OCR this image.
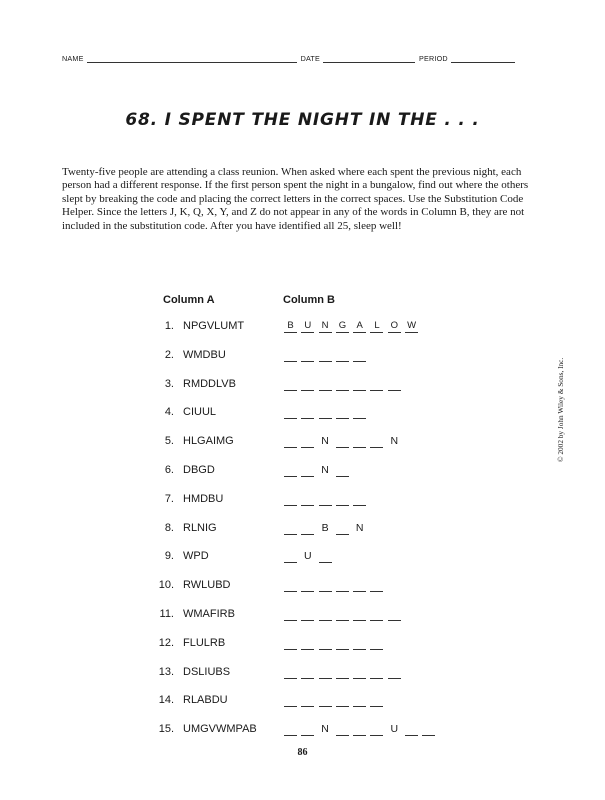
NAME	DATE	PERIOD
68. I SPENT THE NIGHT IN THE . . .

Twenty-five people are attending a class reunion. When asked where each spent the previous night, each person had a different response. If the first person spent the night in a bungalow, find out where the others slept by breaking the code and placing the correct letters in the correct spaces. Use the Substitution Code Helper. Since the letters J, K, Q, X, Y, and Z do not appear in any of the words in Column B, they are not included in the substitution code. After you have identified all 25, sleep well!

Column A	Column B
1. NPGVLUMT	B	U	N	G	A	L	O W
2. WMDBU
3. RMDDLVB
4. CIUUL
5. HLGAIMG	N	N
6. DBGD	N
7. HMDBU
8. RLNIG	B	N
9. WPD	U
10. RWLUBD
11. WMAFIRB
12. FLULRB
13. DSLIUBS
14. RLABDU
15. UMGVWMPAB	N	U
© 2002 by John Wiley & Sons, Inc.
86
